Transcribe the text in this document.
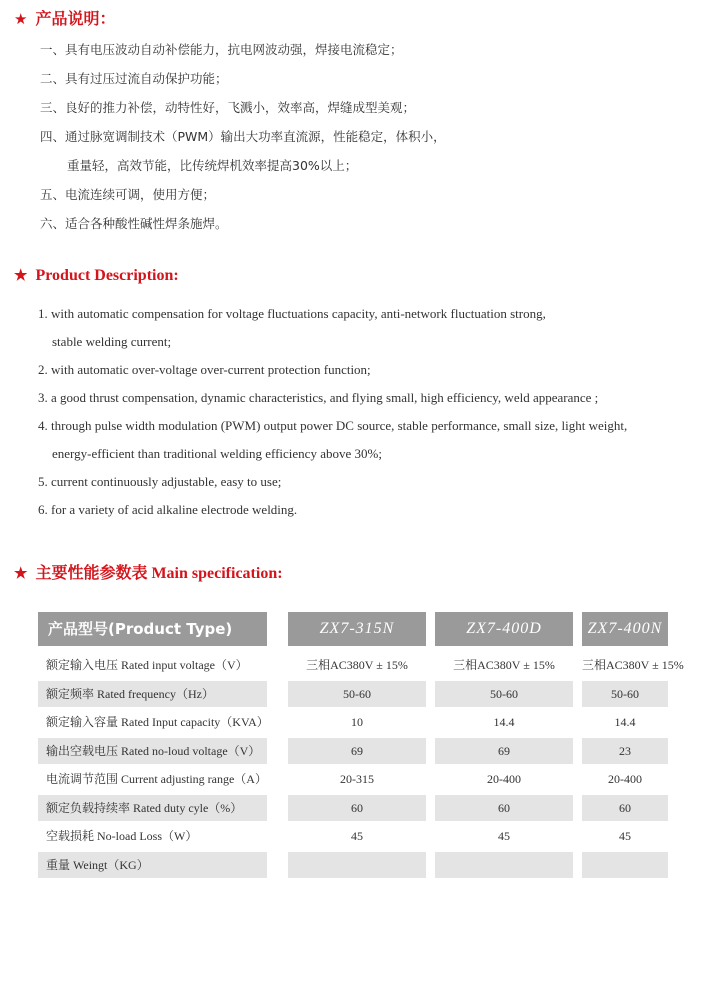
★ 产品说明：
一、具有电压波动自动补偿能力，抗电网波动强，焊接电流稳定；
二、具有过压过流自动保护功能；
三、良好的推力补偿，动特性好，飞溅小，效率高，焊缝成型美观；
四、通过脉宽调制技术（PWM）输出大功率直流源，性能稳定，体积小，
重量轻，高效节能，比传统焊机效率提高30%以上；
五、电流连续可调，使用方便；
六、适合各种酸性碱性焊条施焊。
★ Product Description:
1. with automatic compensation for voltage fluctuations capacity, anti-network fluctuation strong,
stable welding current;
2. with automatic over-voltage over-current protection function;
3. a good thrust compensation, dynamic characteristics, and flying small, high efficiency, weld appearance ;
4. through pulse width modulation (PWM) output power DC source, stable performance, small size, light weight,
energy-efficient than traditional welding efficiency above 30%;
5. current continuously adjustable, easy to use;
6. for a variety of acid alkaline electrode welding.
★ 主要性能参数表 Main specification:
产品型号(Product Type)	ZX7-315N	ZX7-400D	ZX7-400N
额定输入电压 Rated input voltage（V）	三相AC380V ± 15%	三相AC380V ± 15%	三相AC380V ± 15%
额定频率 Rated frequency（Hz）	50-60	50-60	50-60
额定输入容量 Rated Input capacity（KVA）	10	14.4	14.4
输出空载电压 Rated no-loud voltage（V）	69	69	23
电流调节范围 Current adjusting range（A）	20-315	20-400	20-400
额定负载持续率 Rated duty cyle（%）	60	60	60
空载损耗 No-load Loss（W）	45	45	45
重量 Weingt（KG）
